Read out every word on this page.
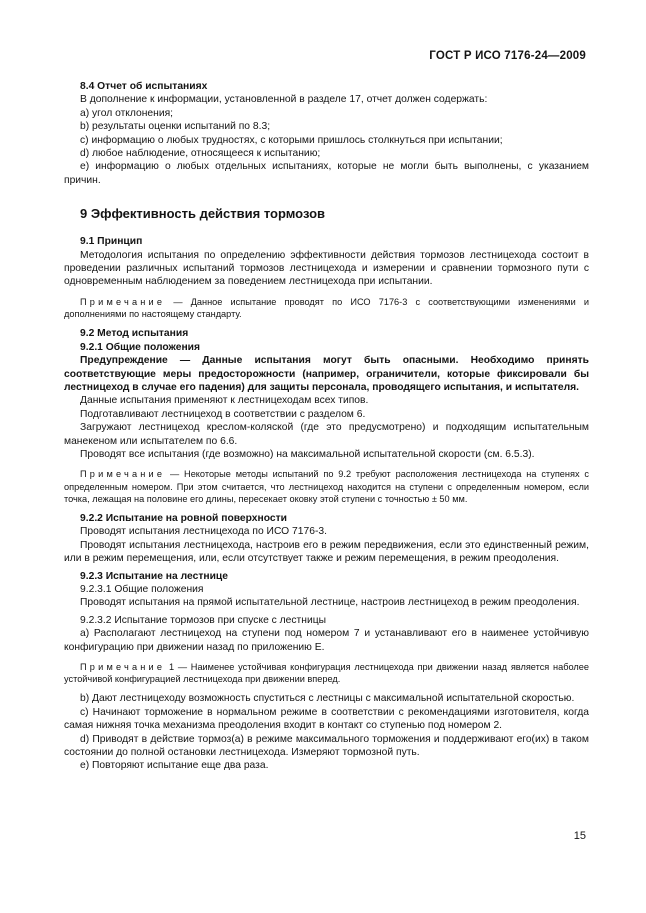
ГОСТ Р ИСО 7176-24—2009

8.4 Отчет об испытаниях

В дополнение к информации, установленной в разделе 17, отчет должен содержать:

a) угол отклонения;

b) результаты оценки испытаний по 8.3;

c) информацию о любых трудностях, с которыми пришлось столкнуться при испытании;

d) любое наблюдение, относящееся к испытанию;

e) информацию о любых отдельных испытаниях, которые не могли быть выполнены, с указанием причин.

9 Эффективность действия тормозов

9.1 Принцип

Методология испытания по определению эффективности действия тормозов лестницехода состоит в проведении различных испытаний тормозов лестницехода и измерении и сравнении тормозного пути с одновременным наблюдением за поведением лестницехода при испытании.

Примечание — Данное испытание проводят по ИСО 7176-3 с соответствующими изменениями и дополнениями по настоящему стандарту.

9.2 Метод испытания

9.2.1 Общие положения

Предупреждение — Данные испытания могут быть опасными. Необходимо принять соответствующие меры предосторожности (например, ограничители, которые фиксировали бы лестницеход в случае его падения) для защиты персонала, проводящего испытания, и испытателя.

Данные испытания применяют к лестницеходам всех типов.

Подготавливают лестницеход в соответствии с разделом 6.

Загружают лестницеход креслом-коляской (где это предусмотрено) и подходящим испытательным манекеном или испытателем по 6.6.

Проводят все испытания (где возможно) на максимальной испытательной скорости (см. 6.5.3).

Примечание — Некоторые методы испытаний по 9.2 требуют расположения лестницехода на ступенях с определенным номером. При этом считается, что лестницеход находится на ступени с определенным номером, если точка, лежащая на половине его длины, пересекает оковку этой ступени с точностью ± 50 мм.

9.2.2 Испытание на ровной поверхности

Проводят испытания лестницехода по ИСО 7176-3.

Проводят испытания лестницехода, настроив его в режим передвижения, если это единственный режим, или в режим перемещения, или, если отсутствует также и режим перемещения, в режим преодоления.

9.2.3 Испытание на лестнице

9.2.3.1 Общие положения

Проводят испытания на прямой испытательной лестнице, настроив лестницеход в режим преодоления.

9.2.3.2 Испытание тормозов при спуске с лестницы

a) Располагают лестницеход на ступени под номером 7 и устанавливают его в наименее устойчивую конфигурацию при движении назад по приложению Е.

Примечание 1 — Наименее устойчивая конфигурация лестницехода при движении назад является наболее устойчивой конфигурацией лестницехода при движении вперед.

b) Дают лестницеходу возможность спуститься с лестницы с максимальной испытательной скоростью.

c) Начинают торможение в нормальном режиме в соответствии с рекомендациями изготовителя, когда самая нижняя точка механизма преодоления входит в контакт со ступенью под номером 2.

d) Приводят в действие тормоз(а) в режиме максимального торможения и поддерживают его(их) в таком состоянии до полной остановки лестницехода. Измеряют тормозной путь.

e) Повторяют испытание еще два раза.

15
